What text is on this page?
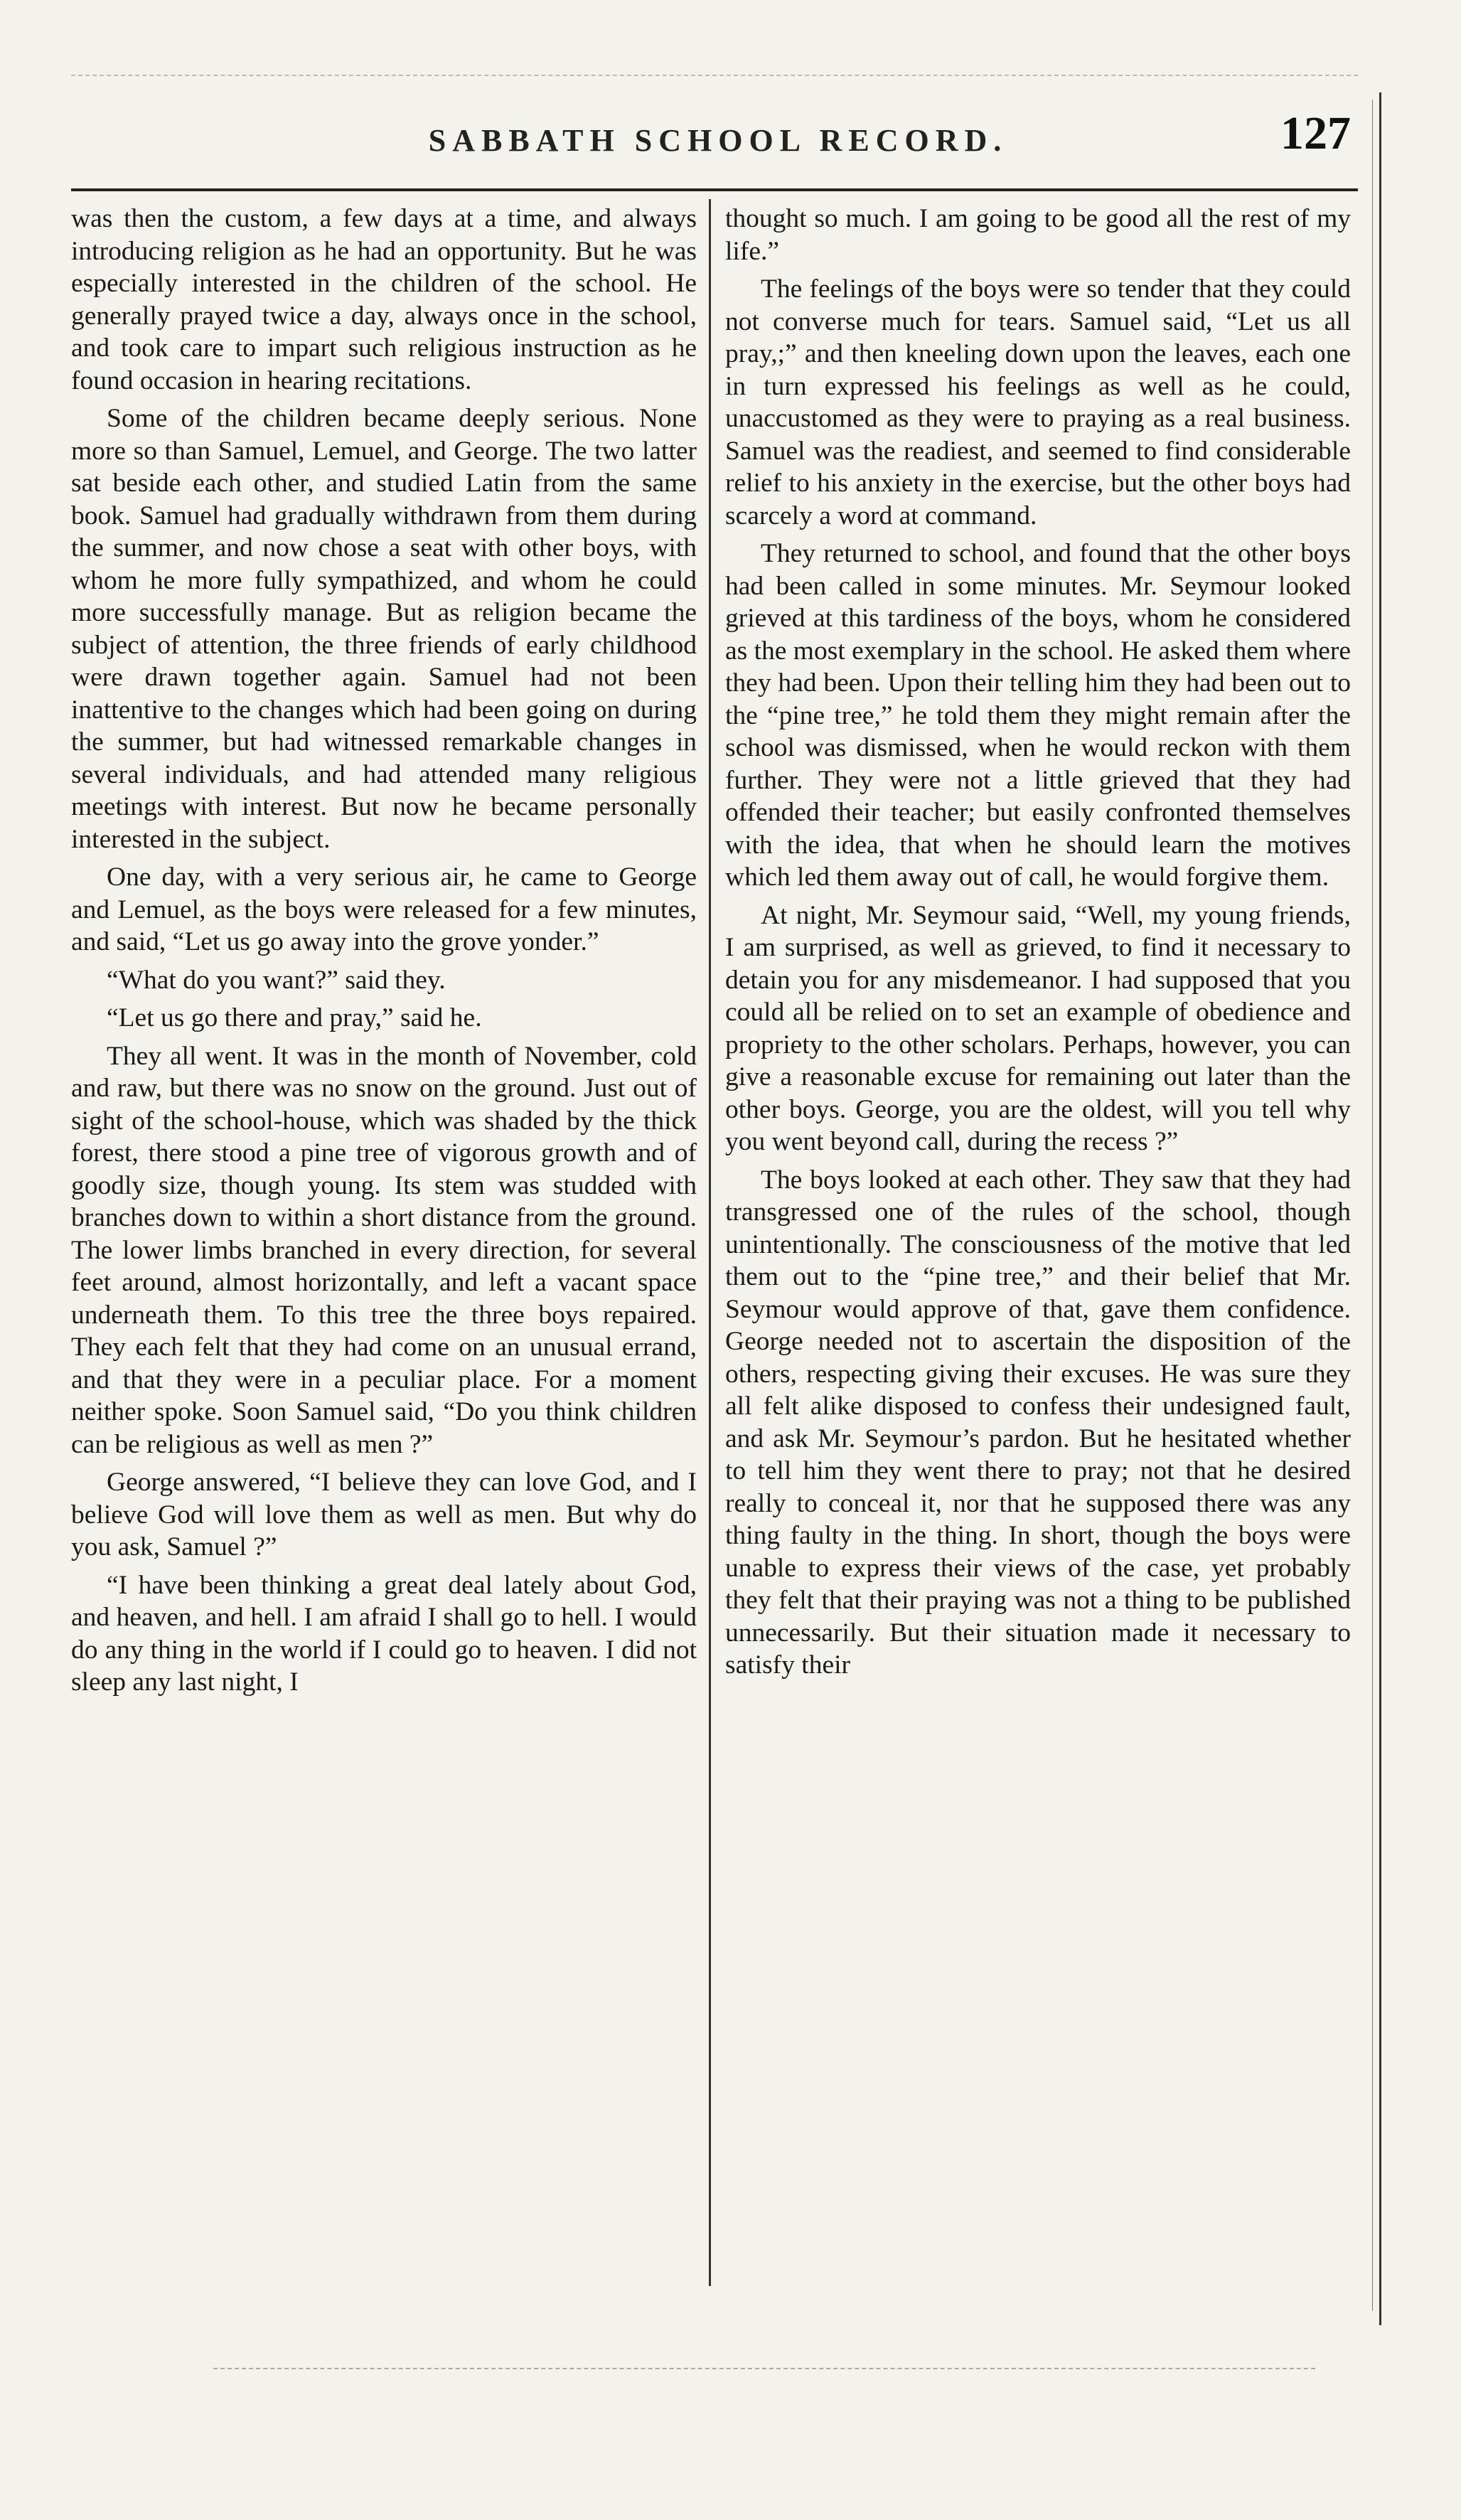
SABBATH SCHOOL RECORD.	127

was then the custom, a few days at a time, and always introducing religion as he had an opportunity. But he was especially interested in the children of the school. He generally prayed twice a day, always once in the school, and took care to impart such religious instruction as he found occasion in hearing recitations.

Some of the children became deeply serious. None more so than Samuel, Lemuel, and George. The two latter sat beside each other, and studied Latin from the same book. Samuel had gradually withdrawn from them during the summer, and now chose a seat with other boys, with whom he more fully sympathized, and whom he could more successfully manage. But as religion became the subject of attention, the three friends of early childhood were drawn together again. Samuel had not been inattentive to the changes which had been going on during the summer, but had witnessed remarkable changes in several individuals, and had attended many religious meetings with interest. But now he became personally interested in the subject.

One day, with a very serious air, he came to George and Lemuel, as the boys were released for a few minutes, and said, “Let us go away into the grove yonder.”

“What do you want?” said they.

“Let us go there and pray,” said he.

They all went. It was in the month of November, cold and raw, but there was no snow on the ground. Just out of sight of the school-house, which was shaded by the thick forest, there stood a pine tree of vigorous growth and of goodly size, though young. Its stem was studded with branches down to within a short distance from the ground. The lower limbs branched in every direction, for several feet around, almost horizontally, and left a vacant space underneath them. To this tree the three boys repaired. They each felt that they had come on an unusual errand, and that they were in a peculiar place. For a moment neither spoke. Soon Samuel said, “Do you think children can be religious as well as men ?”

George answered, “I believe they can love God, and I believe God will love them as well as men. But why do you ask, Samuel ?”

“I have been thinking a great deal lately about God, and heaven, and hell. I am afraid I shall go to hell. I would do any thing in the world if I could go to heaven. I did not sleep any last night, I

thought so much. I am going to be good all the rest of my life.”

The feelings of the boys were so tender that they could not converse much for tears. Samuel said, “Let us all pray,;” and then kneeling down upon the leaves, each one in turn expressed his feelings as well as he could, unaccustomed as they were to praying as a real business. Samuel was the readiest, and seemed to find considerable relief to his anxiety in the exercise, but the other boys had scarcely a word at command.

They returned to school, and found that the other boys had been called in some minutes. Mr. Seymour looked grieved at this tardiness of the boys, whom he considered as the most exemplary in the school. He asked them where they had been. Upon their telling him they had been out to the “pine tree,” he told them they might remain after the school was dismissed, when he would reckon with them further. They were not a little grieved that they had offended their teacher; but easily confronted themselves with the idea, that when he should learn the motives which led them away out of call, he would forgive them.

At night, Mr. Seymour said, “Well, my young friends, I am surprised, as well as grieved, to find it necessary to detain you for any misdemeanor. I had supposed that you could all be relied on to set an example of obedience and propriety to the other scholars. Perhaps, however, you can give a reasonable excuse for remaining out later than the other boys. George, you are the oldest, will you tell why you went beyond call, during the recess ?”

The boys looked at each other. They saw that they had transgressed one of the rules of the school, though unintentionally. The consciousness of the motive that led them out to the “pine tree,” and their belief that Mr. Seymour would approve of that, gave them confidence. George needed not to ascertain the disposition of the others, respecting giving their excuses. He was sure they all felt alike disposed to confess their undesigned fault, and ask Mr. Seymour’s pardon. But he hesitated whether to tell him they went there to pray; not that he desired really to conceal it, nor that he supposed there was any thing faulty in the thing. In short, though the boys were unable to express their views of the case, yet probably they felt that their praying was not a thing to be published unnecessarily. But their situation made it necessary to satisfy their
